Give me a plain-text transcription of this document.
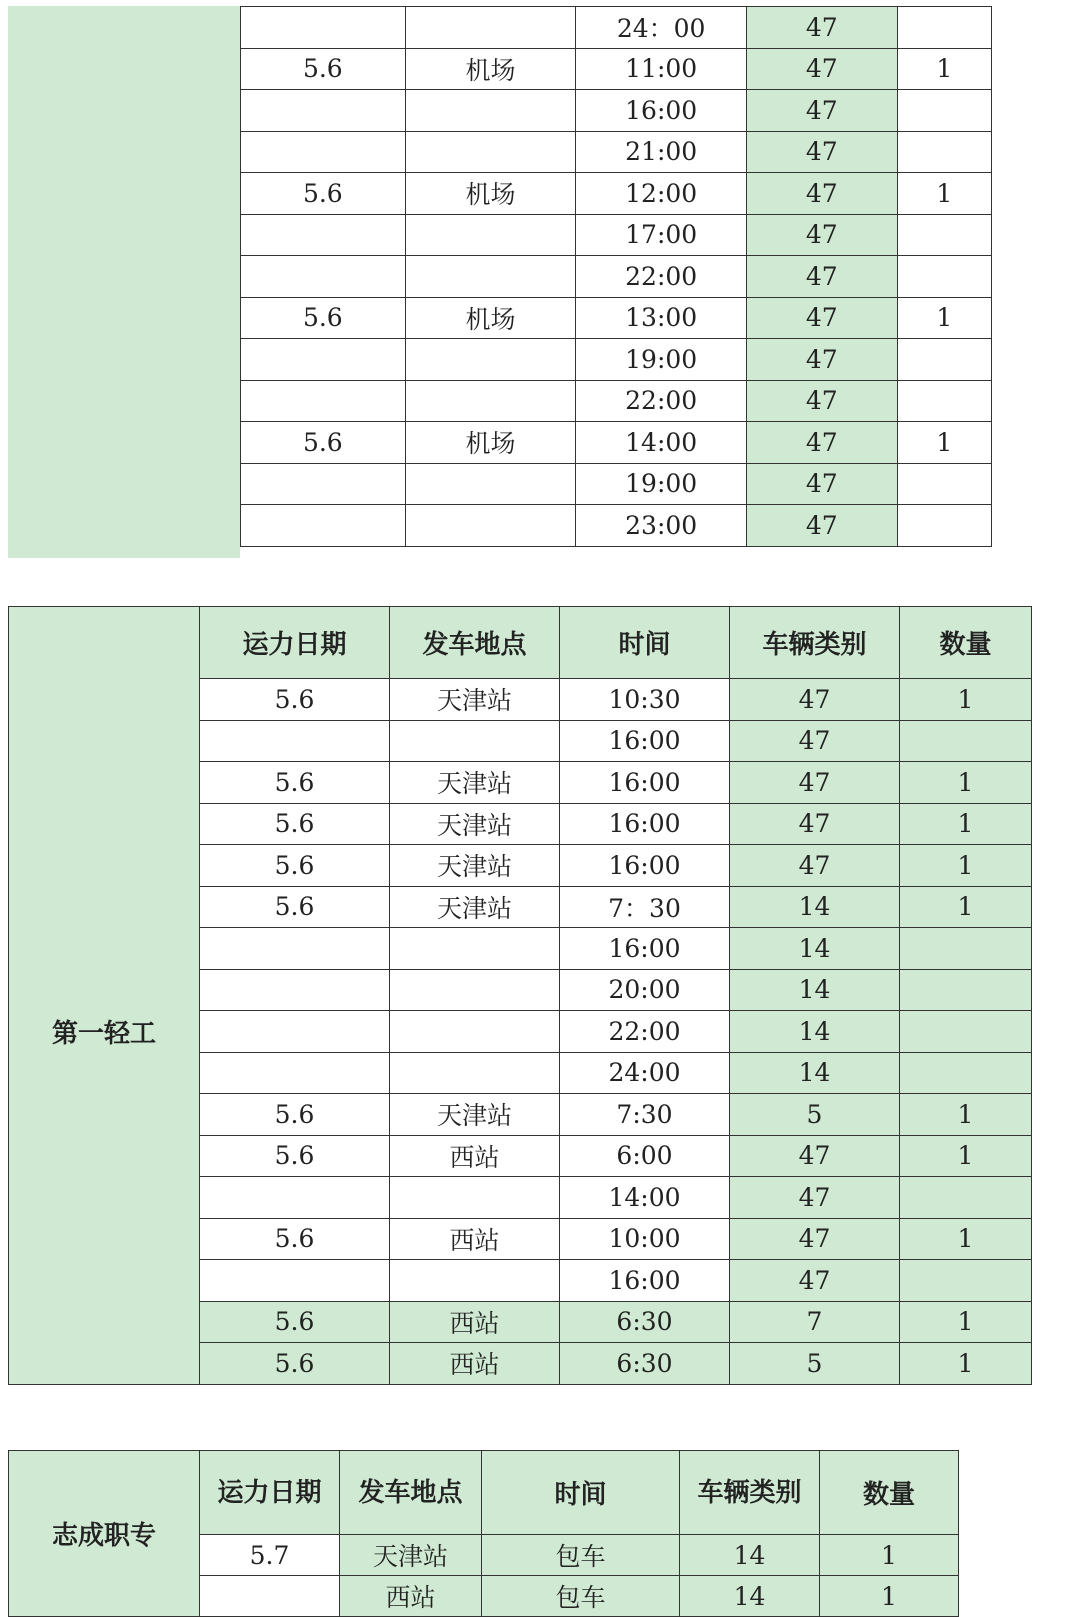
		24：00	47	
5.6	机场	11:00	47	1
		16:00	47	
		21:00	47	
5.6	机场	12:00	47	1
		17:00	47	
		22:00	47	
5.6	机场	13:00	47	1
		19:00	47	
		22:00	47	
5.6	机场	14:00	47	1
		19:00	47	
		23:00	47	
	运力日期	发车地点	时间	车辆类别	数量
第一轻工	5.6	天津站	10:30	47	1
			16:00	47	
	5.6	天津站	16:00	47	1
	5.6	天津站	16:00	47	1
	5.6	天津站	16:00	47	1
	5.6	天津站	7：30	14	1
			16:00	14	
			20:00	14	
			22:00	14	
			24:00	14	
	5.6	天津站	7:30	5	1
	5.6	西站	6:00	47	1
			14:00	47	
	5.6	西站	10:00	47	1
			16:00	47	
	5.6	西站	6:30	7	1
	5.6	西站	6:30	5	1
志成职专	运力日期	发车地点	时间	车辆类别	数量
	5.7	天津站	包车	14	1
		西站	包车	14	1
